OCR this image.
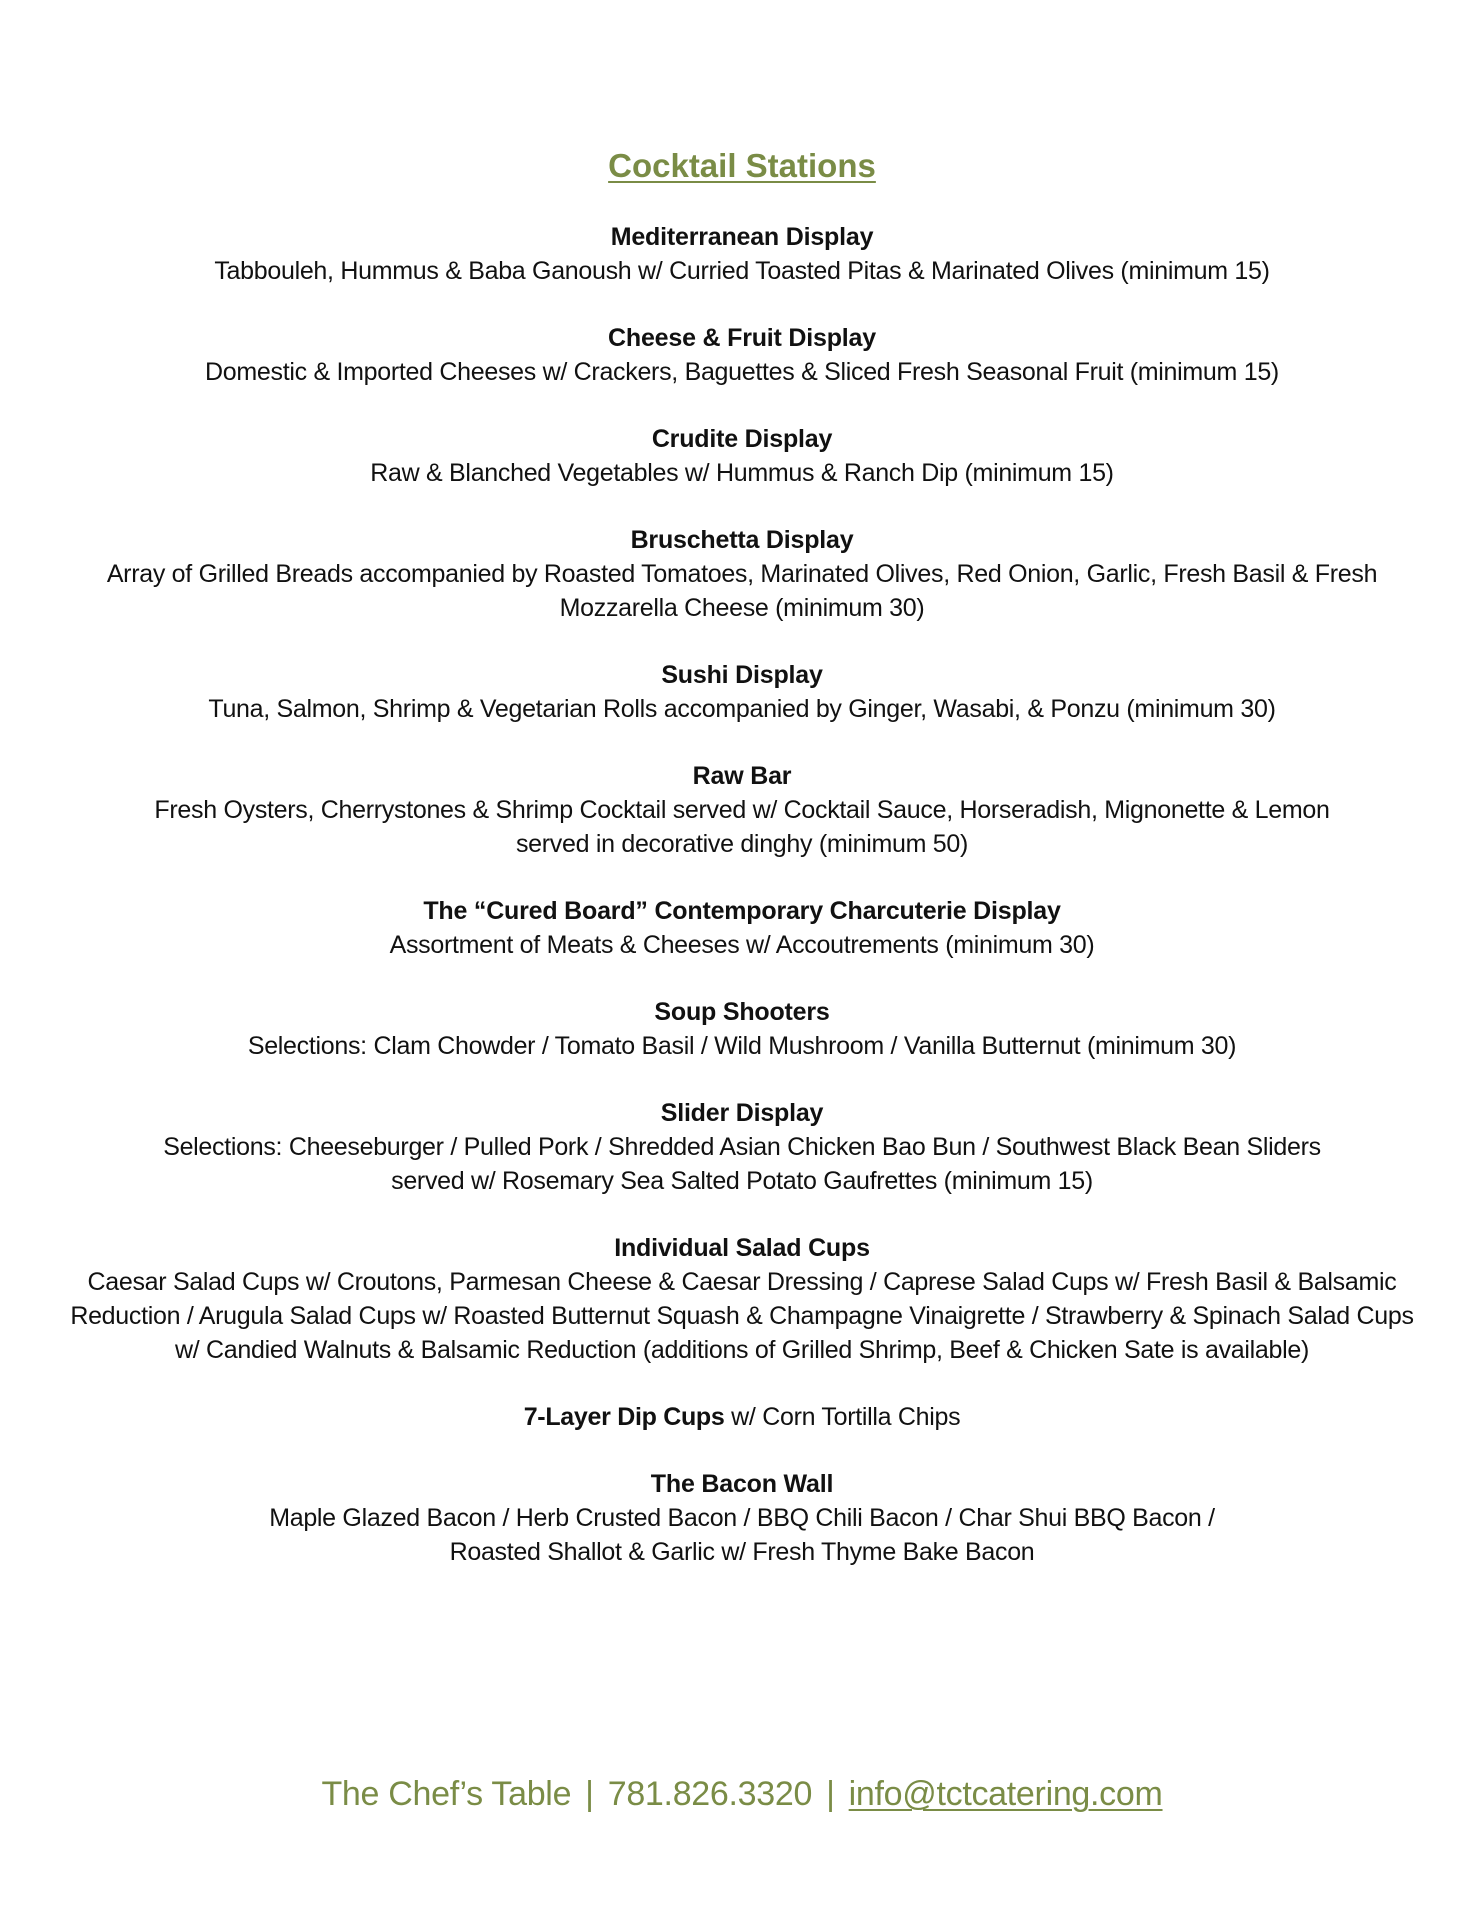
Cocktail Stations
Mediterranean Display
Tabbouleh, Hummus & Baba Ganoush w/ Curried Toasted Pitas & Marinated Olives (minimum 15)
Cheese & Fruit Display
Domestic & Imported Cheeses w/ Crackers, Baguettes & Sliced Fresh Seasonal Fruit (minimum 15)
Crudite Display
Raw & Blanched Vegetables w/ Hummus & Ranch Dip (minimum 15)
Bruschetta Display
Array of Grilled Breads accompanied by Roasted Tomatoes, Marinated Olives, Red Onion, Garlic, Fresh Basil & Fresh
Mozzarella Cheese (minimum 30)
Sushi Display
Tuna, Salmon, Shrimp & Vegetarian Rolls accompanied by Ginger, Wasabi, & Ponzu (minimum 30)
Raw Bar
Fresh Oysters, Cherrystones & Shrimp Cocktail served w/ Cocktail Sauce, Horseradish, Mignonette & Lemon
served in decorative dinghy (minimum 50)
The “Cured Board” Contemporary Charcuterie Display
Assortment of Meats & Cheeses w/ Accoutrements (minimum 30)
Soup Shooters
Selections: Clam Chowder / Tomato Basil / Wild Mushroom / Vanilla Butternut (minimum 30)
Slider Display
Selections: Cheeseburger / Pulled Pork / Shredded Asian Chicken Bao Bun / Southwest Black Bean Sliders
served w/ Rosemary Sea Salted Potato Gaufrettes (minimum 15)
Individual Salad Cups
Caesar Salad Cups w/ Croutons, Parmesan Cheese & Caesar Dressing / Caprese Salad Cups w/ Fresh Basil & Balsamic
Reduction / Arugula Salad Cups w/ Roasted Butternut Squash & Champagne Vinaigrette / Strawberry & Spinach Salad Cups
w/ Candied Walnuts & Balsamic Reduction (additions of Grilled Shrimp, Beef & Chicken Sate is available)
7-Layer Dip Cups w/ Corn Tortilla Chips
The Bacon Wall
Maple Glazed Bacon / Herb Crusted Bacon / BBQ Chili Bacon / Char Shui BBQ Bacon /
Roasted Shallot & Garlic w/ Fresh Thyme Bake Bacon
The Chef’s Table | 781.826.3320 | info@tctcatering.com
